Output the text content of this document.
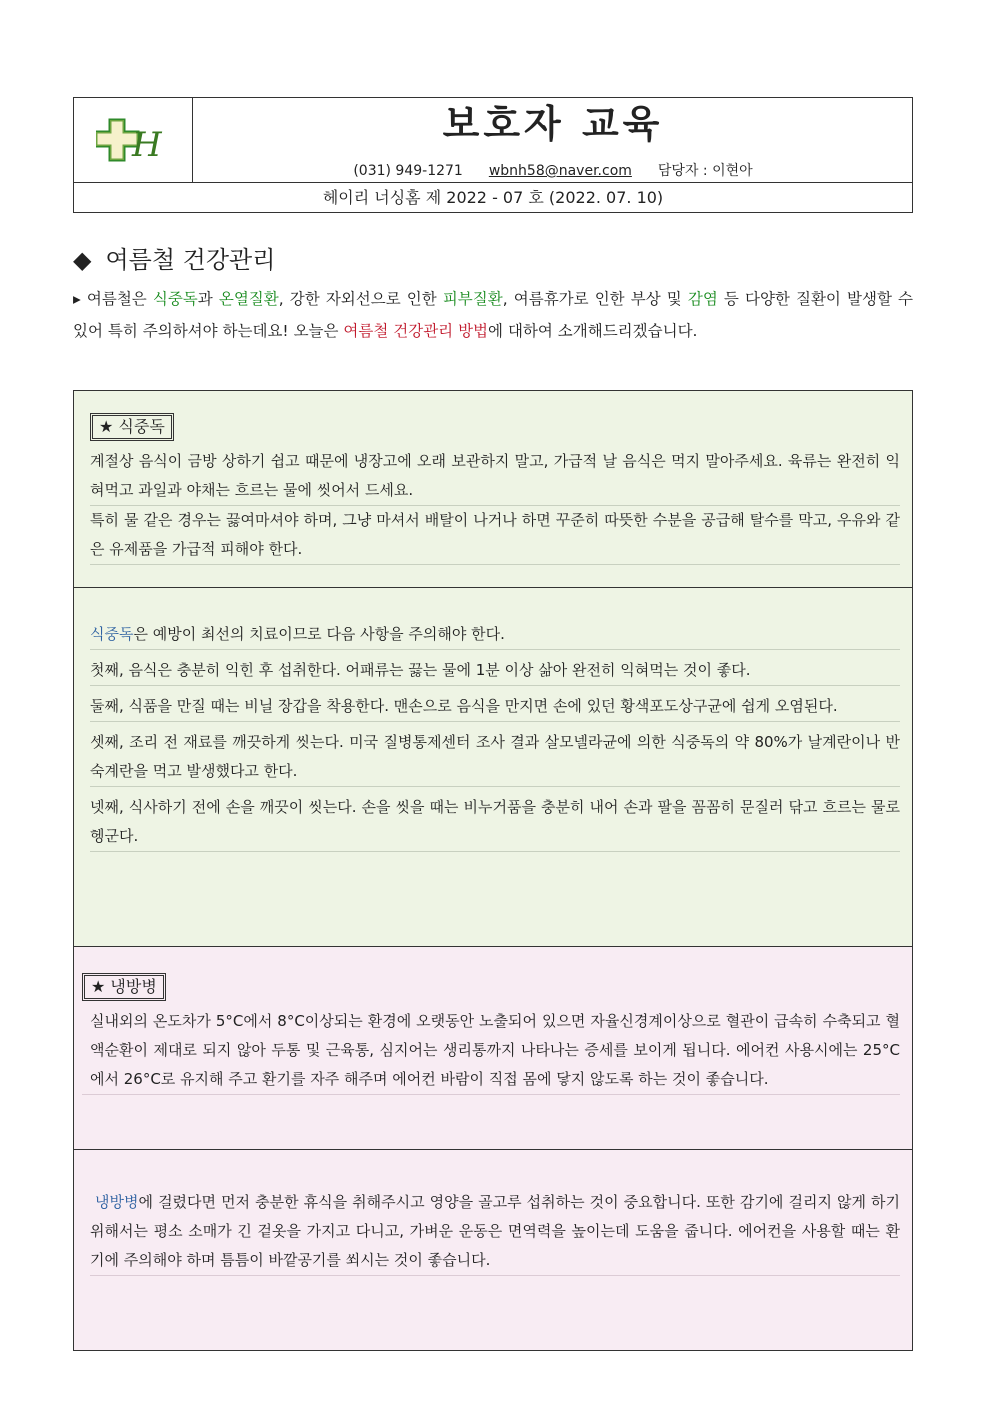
H	보호자 교육
(031) 949-1271 wbnh58@naver.com 담당자 : 이현아
헤이리 너싱홈 제 2022 - 07 호 (2022. 07. 10)
◆ 여름철 건강관리
▸ 여름철은 식중독과 온열질환, 강한 자외선으로 인한 피부질환, 여름휴가로 인한 부상 및 감염 등 다양한 질환이 발생할 수 있어 특히 주의하셔야 하는데요! 오늘은 여름철 건강관리 방법에 대하여 소개해드리겠습니다.
★ 식중독

계절상 음식이 금방 상하기 쉽고 때문에 냉장고에 오래 보관하지 말고, 가급적 날 음식은 먹지 말아주세요. 육류는 완전히 익혀먹고 과일과 야채는 흐르는 물에 씻어서 드세요.

특히 물 같은 경우는 끓여마셔야 하며, 그냥 마셔서 배탈이 나거나 하면 꾸준히 따뜻한 수분을 공급해 탈수를 막고, 우유와 같은 유제품을 가급적 피해야 한다.

식중독은 예방이 최선의 치료이므로 다음 사항을 주의해야 한다.

첫째, 음식은 충분히 익힌 후 섭취한다. 어패류는 끓는 물에 1분 이상 삶아 완전히 익혀먹는 것이 좋다.

둘째, 식품을 만질 때는 비닐 장갑을 착용한다. 맨손으로 음식을 만지면 손에 있던 황색포도상구균에 쉽게 오염된다.

셋째, 조리 전 재료를 깨끗하게 씻는다. 미국 질병통제센터 조사 결과 살모넬라균에 의한 식중독의 약 80%가 날계란이나 반숙계란을 먹고 발생했다고 한다.

넷째, 식사하기 전에 손을 깨끗이 씻는다. 손을 씻을 때는 비누거품을 충분히 내어 손과 팔을 꼼꼼히 문질러 닦고 흐르는 물로 헹군다.

★ 냉방병

실내외의 온도차가 5°C에서 8°C이상되는 환경에 오랫동안 노출되어 있으면 자율신경계이상으로 혈관이 급속히 수축되고 혈액순환이 제대로 되지 않아 두통 및 근육통, 심지어는 생리통까지 나타나는 증세를 보이게 됩니다. 에어컨 사용시에는 25°C에서 26°C로 유지해 주고 환기를 자주 해주며 에어컨 바람이 직접 몸에 닿지 않도록 하는 것이 좋습니다.

냉방병에 걸렸다면 먼저 충분한 휴식을 취해주시고 영양을 골고루 섭취하는 것이 중요합니다. 또한 감기에 걸리지 않게 하기 위해서는 평소 소매가 긴 겉옷을 가지고 다니고, 가벼운 운동은 면역력을 높이는데 도움을 줍니다. 에어컨을 사용할 때는 환기에 주의해야 하며 틈틈이 바깥공기를 쐬시는 것이 좋습니다.
